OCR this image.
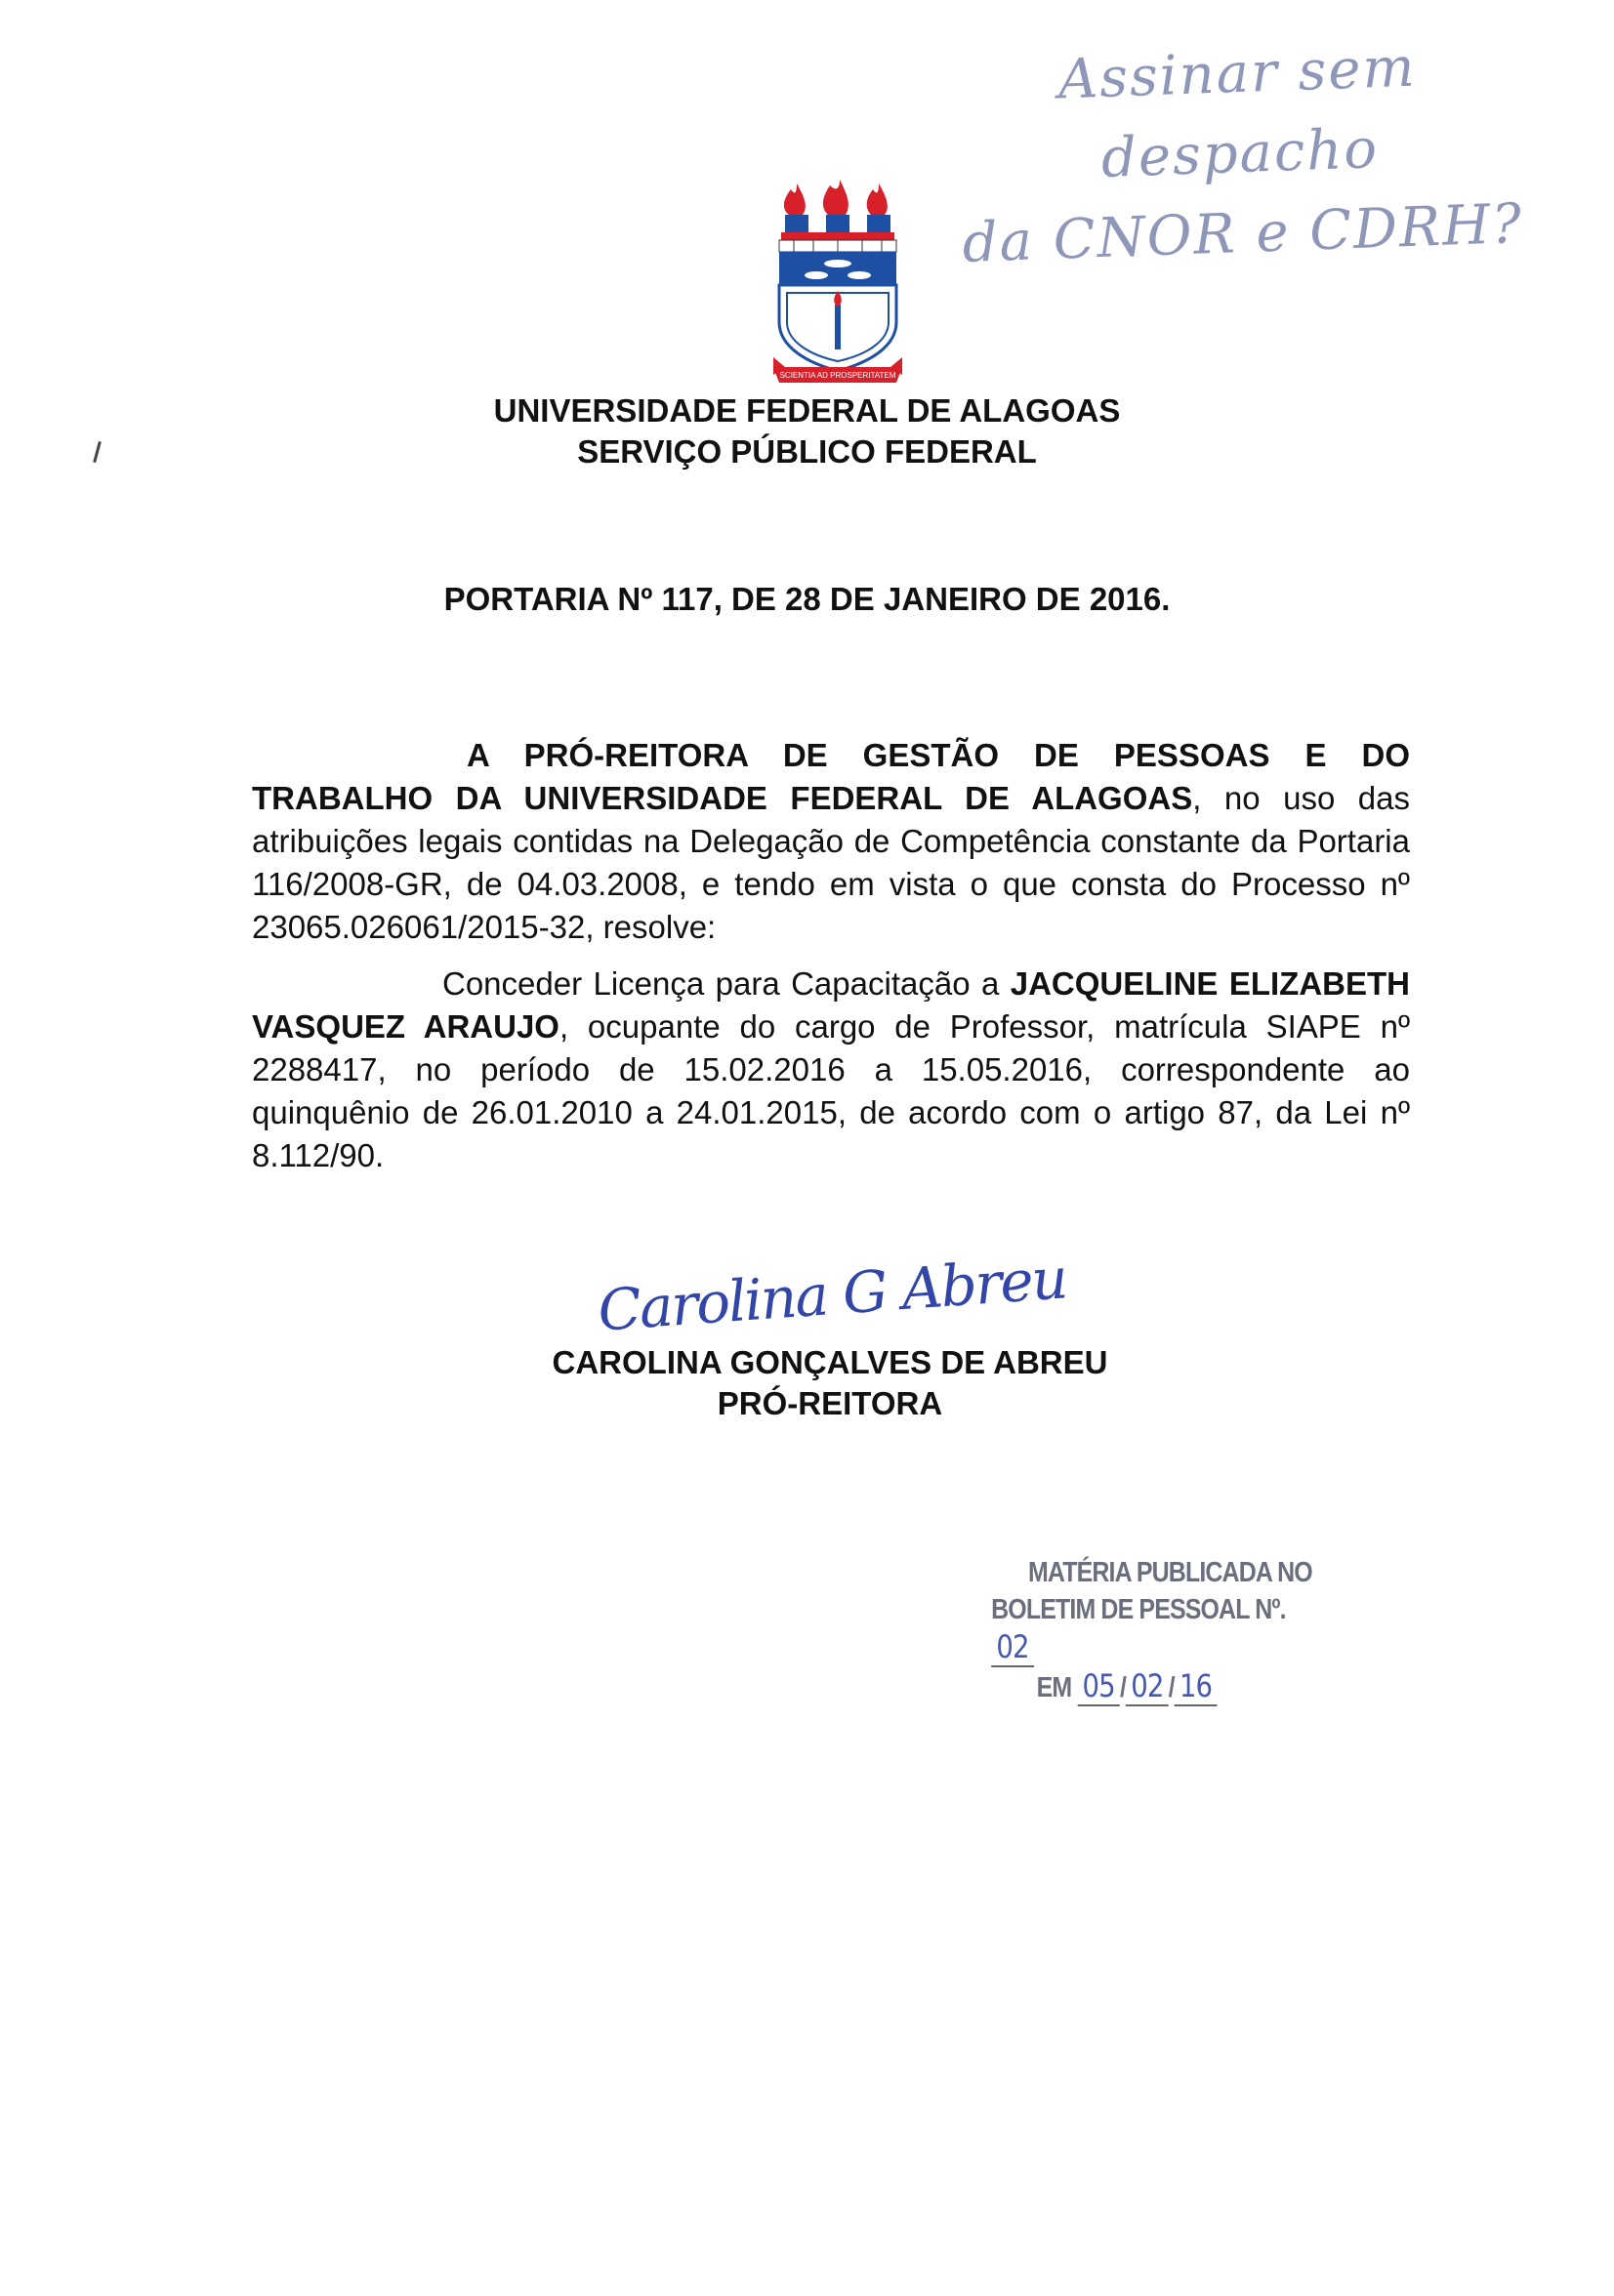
Assinar sem despacho
da CNOR e CDRH?
SCIENTIA AD PROSPERITATEM
UNIVERSIDADE FEDERAL DE ALAGOAS
SERVIÇO PÚBLICO FEDERAL
PORTARIA Nº 117, DE 28 DE JANEIRO DE 2016.
A PRÓ-REITORA DE GESTÃO DE PESSOAS E DO TRABALHO DA UNIVERSIDADE FEDERAL DE ALAGOAS, no uso das atribuições legais contidas na Delegação de Competência constante da Portaria 116/2008-GR, de 04.03.2008, e tendo em vista o que consta do Processo nº 23065.026061/2015-32, resolve:
Conceder Licença para Capacitação a JACQUELINE ELIZABETH VASQUEZ ARAUJO, ocupante do cargo de Professor, matrícula SIAPE nº 2288417, no período de 15.02.2016 a 15.05.2016, correspondente ao quinquênio de 26.01.2010 a 24.01.2015, de acordo com o artigo 87, da Lei nº 8.112/90.
Carolina G Abreu
CAROLINA GONÇALVES DE ABREU
PRÓ-REITORA
MATÉRIA PUBLICADA NO
BOLETIM DE PESSOAL Nº. 02
EM 05 / 02 / 16
